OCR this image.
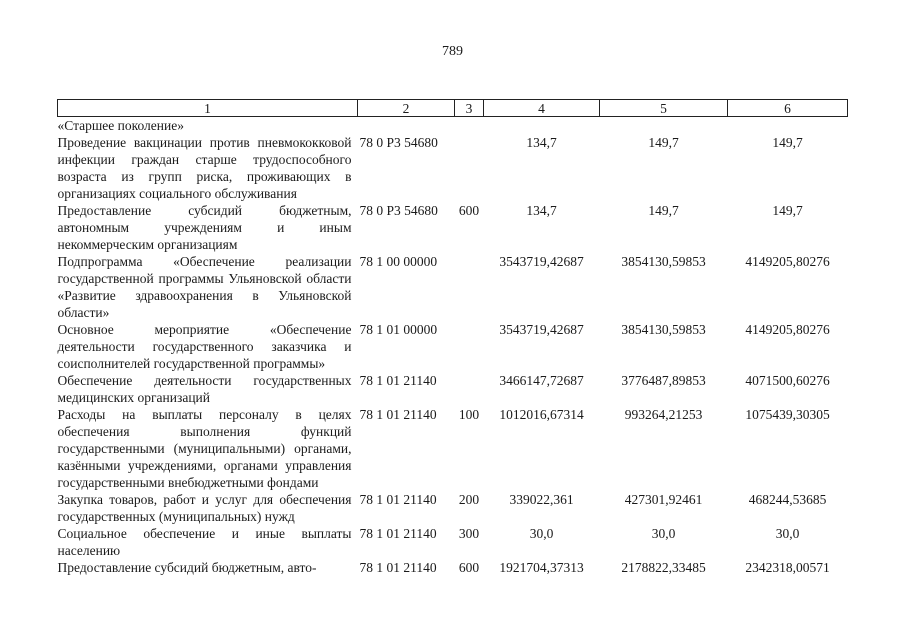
789
1	2	3	4	5	6
«Старшее поколение»					
Проведение вакцинации против пневмококковой инфекции граждан старше трудоспособного возраста из групп риска, проживающих в организациях социального обслуживания	78 0 Р3 54680		134,7	149,7	149,7
Предоставление субсидий бюджетным, автономным учреждениям и иным некоммерческим организациям	78 0 Р3 54680	600	134,7	149,7	149,7
Подпрограмма «Обеспечение реализации государственной программы Ульяновской области «Развитие здравоохранения в Ульяновской области»	78 1 00 00000		3543719,42687	3854130,59853	4149205,80276
Основное мероприятие «Обеспечение деятельности государственного заказчика и соисполнителей государственной программы»	78 1 01 00000		3543719,42687	3854130,59853	4149205,80276
Обеспечение деятельности государственных медицинских организаций	78 1 01 21140		3466147,72687	3776487,89853	4071500,60276
Расходы на выплаты персоналу в целях обеспечения выполнения функций государственными (муниципальными) органами, казёнными учреждениями, органами управления государственными внебюджетными фондами	78 1 01 21140	100	1012016,67314	993264,21253	1075439,30305
Закупка товаров, работ и услуг для обеспечения государственных (муниципальных) нужд	78 1 01 21140	200	339022,361	427301,92461	468244,53685
Социальное обеспечение и иные выплаты населению	78 1 01 21140	300	30,0	30,0	30,0
Предоставление субсидий бюджетным, авто-	78 1 01 21140	600	1921704,37313	2178822,33485	2342318,00571
